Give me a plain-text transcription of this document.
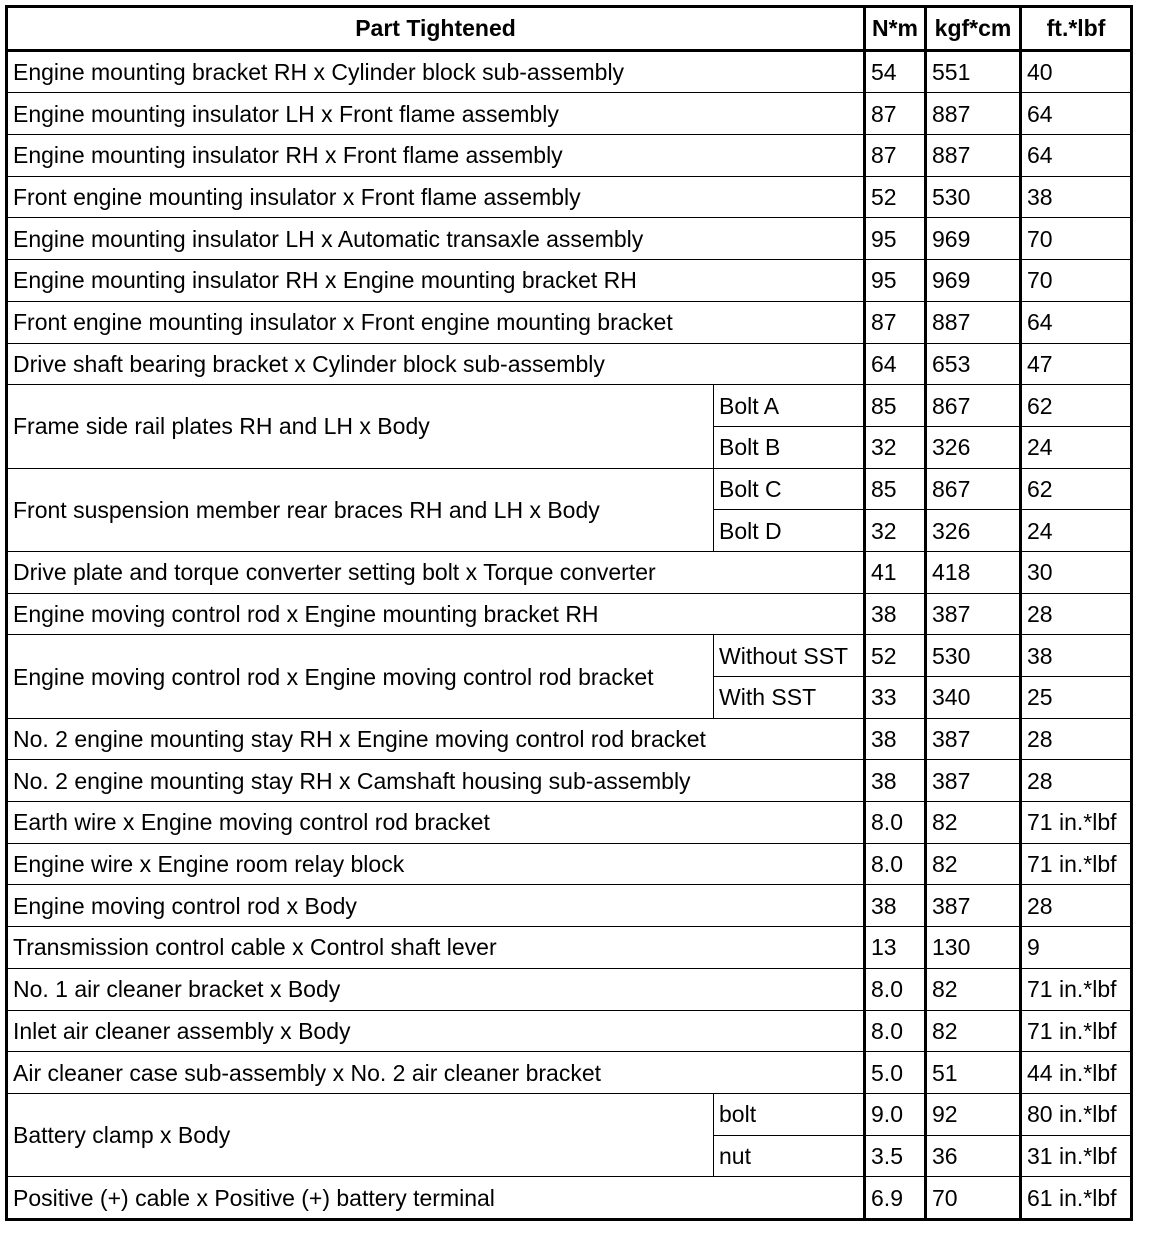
Part Tightened		N*m	kgf*cm	ft.*lbf
Engine mounting bracket RH x Cylinder block sub-assembly		54	551	40
Engine mounting insulator LH x Front flame assembly		87	887	64
Engine mounting insulator RH x Front flame assembly		87	887	64
Front engine mounting insulator x Front flame assembly		52	530	38
Engine mounting insulator LH x Automatic transaxle assembly		95	969	70
Engine mounting insulator RH x Engine mounting bracket RH		95	969	70
Front engine mounting insulator x Front engine mounting bracket		87	887	64
Drive shaft bearing bracket x Cylinder block sub-assembly		64	653	47
Frame side rail plates RH and LH x Body	Bolt A	85	867	62
	Bolt B	32	326	24
Front suspension member rear braces RH and LH x Body	Bolt C	85	867	62
	Bolt D	32	326	24
Drive plate and torque converter setting bolt x Torque converter		41	418	30
Engine moving control rod x Engine mounting bracket RH		38	387	28
Engine moving control rod x Engine moving control rod bracket	Without SST	52	530	38
	With SST	33	340	25
No. 2 engine mounting stay RH x Engine moving control rod bracket		38	387	28
No. 2 engine mounting stay RH x Camshaft housing sub-assembly		38	387	28
Earth wire x Engine moving control rod bracket		8.0	82	71 in.*lbf
Engine wire x Engine room relay block		8.0	82	71 in.*lbf
Engine moving control rod x Body		38	387	28
Transmission control cable x Control shaft lever		13	130	9
No. 1 air cleaner bracket x Body		8.0	82	71 in.*lbf
Inlet air cleaner assembly x Body		8.0	82	71 in.*lbf
Air cleaner case sub-assembly x No. 2 air cleaner bracket		5.0	51	44 in.*lbf
Battery clamp x Body	bolt	9.0	92	80 in.*lbf
	nut	3.5	36	31 in.*lbf
Positive (+) cable x Positive (+) battery terminal		6.9	70	61 in.*lbf
